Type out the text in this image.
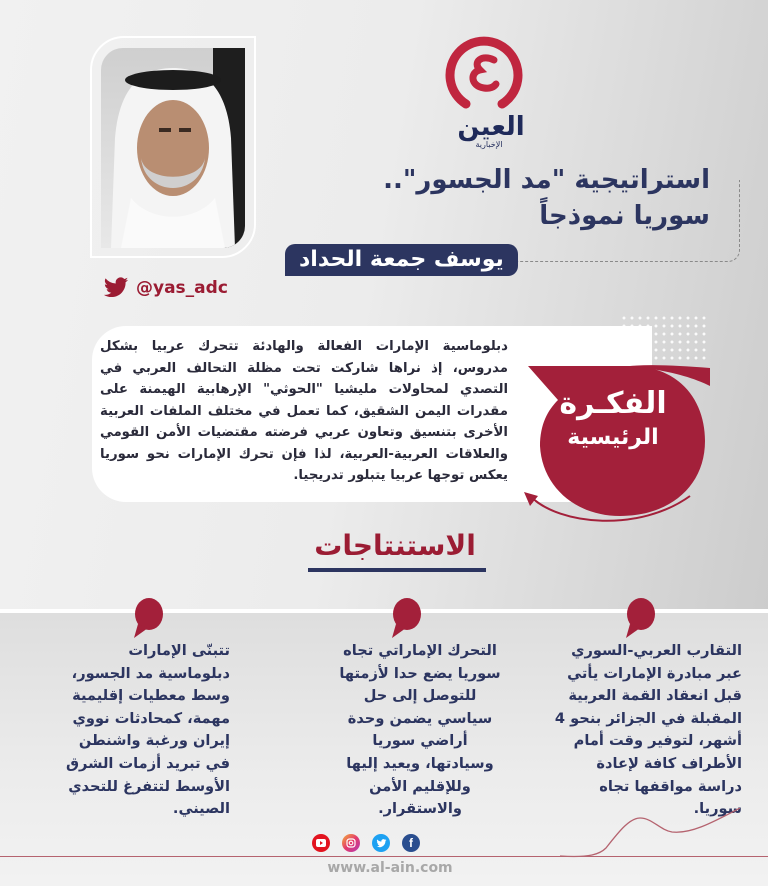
العين
الإخبارية
@yas_adc
استراتيجية "مد الجسور"..
سوريا نموذجاً
يوسف جمعة الحداد
الفكـرة
الرئيسية
دبلوماسية الإمارات الفعالة والهادئة تتحرك عربيا بشكل مدروس، إذ نراها شاركت تحت مظلة التحالف العربي في التصدي لمحاولات مليشيا "الحوثي" الإرهابية الهيمنة على مقدرات اليمن الشقيق، كما تعمل في مختلف الملفات العربية الأخرى بتنسيق وتعاون عربي فرضته مقتضيات الأمن القومي والعلاقات العربية-العربية، لذا فإن تحرك الإمارات نحو سوريا يعكس توجها عربيا يتبلور تدريجيا.
الاستنتاجات
التقارب العربي-السوري
عبر مبادرة الإمارات يأتي
قبل انعقاد القمة العربية
المقبلة في الجزائر بنحو 4
أشهر، لتوفير وقت أمام
الأطراف كافة لإعادة
دراسة مواقفها تجاه
سوريا.
التحرك الإماراتي تجاه
سوريا يضع حدا لأزمتها
للتوصل إلى حل
سياسي يضمن وحدة
أراضي سوريا
وسيادتها، ويعيد إليها
وللإقليم الأمن
والاستقرار.
تتبنّى الإمارات
دبلوماسية مد الجسور،
وسط معطيات إقليمية
مهمة، كمحادثات نووي
إيران ورغبة واشنطن
في تبريد أزمات الشرق
الأوسط لتتفرغ للتحدي
الصيني.
f
www.al-ain.com
